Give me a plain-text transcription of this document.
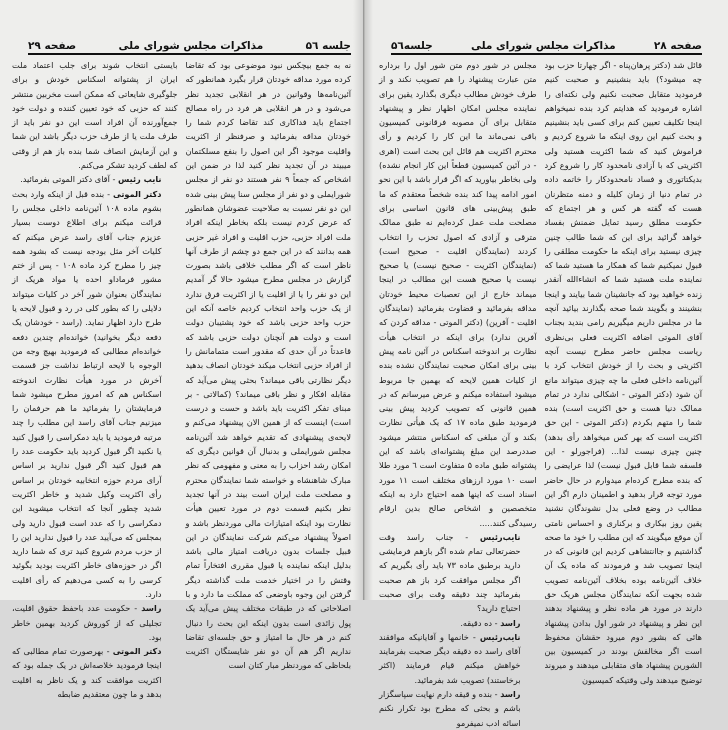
جلسه ۵٦
مذاکرات مجلس شورای ملی
صفحه ۲۹

نه به جمع بیچکس نبود موضوعی بود که تقاضا کرده مورد مداقه خودتان قرار بگیرد همانطور که آئین‌نامه‌ها وقوانین در هر انقلابی تجدید نظر می‌شود و در هر انقلابی هر فرد در راه مصالح اجتماع باید فداکاری کند تقاضا کردم شما را خودتان مداقه بفرمائید و صرفنظر از اکثریت واقلیت موجود اگر این اصول را بنفع مسلکتمان میبیند در آن تجدید نظر کنید لذا در ضمن این اشخاص که جمعاً ۹ نفر هستند دو نفر از مجلس شورایملی و دو نفر از مجلس سنا پیش بینی شده این دو نفر نسبت به صلاحیت عضوشان همانطور که عرض کردم نیست بلکه بخاطر اینکه افراد ملت افراد حزبی، حزب اقلیت و افراد غیر حزبی همه بدانند که در این جمع دو چشم از طرف آنها ناظر است که اگر مطلب خلافی باشد بصورت گزارش در مجلس مطرح میشود حالا گر آمدیم این دو نفر را یا از اقلیت یا از اکثریت فرق ندارد از یک حزب واحد انتخاب کردیم خاصه آنکه این حزب واحد حزبی باشد که خود پشتیبان دولت است و دولت هم آنچنان دولت حزبی باشد که قاعدتاً در آن حدی که مقدور است متمامانش را از افراد حزبی انتخاب میکند خودتان انصاف بدهید دیگر نظارتی باقی میماند؟ بحثی پیش می‌آید که مقابله افکار و نظر باقی میماند؟ (کمالاتی - بر مبنای تفکر اکثریت باید باشد و حست و درست است) اینست که از همین الان پیشنهاد می‌کنم و لایحه‌ی پیشنهادی که تقدیم خواهد شد آئین‌نامه مجلس شورایملی و بدنبال آن قوانین دیگری که امکان رشد احزاب را به معنی و مفهومی که نظر مبارک شاهنشاه و خواسته شما نمایندگان محترم و مصلحت ملت ایران است بیند در آنها تجدید نظر بکنیم قسمت دوم در مورد تعیین هیأت نظارت بود اینکه امتیازات مالی موردنظر باشد و اصولاً پیشنهاد می‌کنم شرکت نمایندگان در این قبیل جلسات بدون دریافت امتیاز مالی باشد بدلیل اینکه نماینده یا قبول مقرری افتخاراً تمام وقتش را در اختیار خدمت ملت گذاشته دیگر گرفتن این وجوه باوضعی که مملکت ما دارد و با اصلاحاتی که در طبقات مختلف پیش می‌آید یک پول زائدی است بدون اینکه این بحث را دنبال کنم در هر حال ما امتیاز و حق جلسه‌ای تقاضا نداریم اگر هم آن دو نفر شایستگان اکثریت بلحاظی که موردنظر مبار کتان است

بایستی انتخاب شوند برای جلب اعتماد ملت ایران از پشتوانه اسکناس خودش و برای جلوگیری شایعاتی که ممکن است مخربین منتشر کنند که حزبی که خود تعیین کننده و دولت خود جمع‌آورنده آن افراد است این دو نفر باید از طرف ملت یا از طرف حزب دیگر باشد این شما و این آزمایش انصاف شما بنده باز هم از وقتی که لطف کردید تشکر می‌کنم.

نایب رئیس - آقای دکتر الموتی بفرمائید.

دکتر الموتی - بنده قبل از اینکه وارد بحث بشوم ماده ۱۰۸ آئین‌نامه داخلی مجلس را قرائت میکنم برای اطلاع دوست بسیار عزیزم جناب آقای راسد عرض میکنم که کلیات آخر مثل بودجه نیست که بشود همه چیز را مطرح کرد ماده ۱۰۸ - پس از ختم مشور فرماداو احده یا مواد هریک از نمایندگان بعنوان شور آخر در کلیات میتواند دلایلی را که بطور کلی در رد و قبول لایحه یا طرح دارد اظهار نماید. (راسد - خودشان یک دفعه دیگر بخوانید) خوانده‌ام چندین دفعه خوانده‌ام مطالبی که فرمودید بهیچ وجه من الوجوه با لایحه ارتباط نداشت جز قسمت آخرش در مورد هیأت نظارت اندوخته اسکناس هم که امروز مطرح میشود شما فرمایشتان را بفرمائید ما هم حرفمان را میزنیم جناب آقای راسد این مطلب را چند مرتبه فرمودید یا باید دمکراسی را قبول کنید یا نکنید اگر قبول کردید باید حکومت عدد را هم قبول کنید اگر قبول ندارید بر اساس آرای مردم حوزه انتخابیه خودتان بر اساس رأی اکثریت وکیل شدید و خاطر اکثریت شدید چطور آنجا که انتخاب میشوید این دمکراسی را که عدد است قبول دارید ولی بمجلس که می‌آیید عدد را قبول ندارید این را از حزب مردم شروع کنید تری که شما دارید اگر در حوزه‌های خاطر اکثریت بودید بگوئید کرسی را به کسی می‌دهیم که رأی اقلیت دارد.

راسد - حکومت عدد باحفظ حقوق اقلیت، تجلیلی که از کوروش کردید بهمین خاطر بود.

دکتر الموتی - بهرصورت تمام مطالبی که اینجا فرمودید خلاصه‌اش در یک جمله بود که اکثریت موافقت کند و یک ناظر به اقلیت بدهد و ما چون معتقدیم ضابطه

صفحه ۲۸
مذاکرات مجلس شورای ملی
جلسه۵٦

قائل شد (دکتر پرهان‌پناه - اگر چهارتا حزب بود چه میشود؟) باید بنشینیم و صحبت کنیم فرمودید متقابل صحبت نکنیم ولی نکته‌ای را اشاره فرمودید که هدایتم کرد بنده نمیخواهم اینجا تکلیف تعیین کنم برای کسی باید بنشینیم و بحث کنیم این روی اینکه ما شروع کردیم و فراموش کنید که شما اکثریت هستید ولی اکثریتی که با آزادی نامحدود کار را شروع کرد بدیکتاتوری و فساد نامحدودکار را خاتمه داده در تمام دنیا از زمان کلیله و دمنه متظرنان هست که گفته هر کس و هر اجتماع که حکومت مطلق رسید تمایل ضمنش بفساد خواهد گرائید برای این که شما طالب چنین چیزی نیستید برای اینکه ما حکومت مطلقی را قبول نمیکنیم شما که همکار ما هستید شما که نماینده ملت هستید شما که انشاءالله آنقدر زنده خواهید بود که جانشینان شما بیایند و اینجا بنشینند و بگویند شما صحه بگذارند بیائید آنچه ما در مجلس داریم میگیریم رامی بندید بجناب آقای الموتی اضافه اکثریت فعلی بی‌نظری ریاست مجلس حاضر مطرح نیست آنچه اکثریتی و بحث را از خودش انتخاب کرد با آئین‌نامه داخلی فعلی ما چه چیزی میتواند مانع آن شود (دکتر الموتی - اشکالی ندارد در تمام ممالک دنیا هست و حق اکثریت است) بنده شما را متهم بکردم (دکتر الموتی - این حق اکثریت است که بهر کس میخواهد رأی بدهد) چنین چیزی نیست لذا... (فراجورلو - این فلسفه شما قابل قبول نیست) لذا عرایضی را که بنده مطرح کرده‌ام میدوارم در حال حاضر مورد توجه قرار بدهید و اطمینان دارم اگر این مطالب در وضع فعلی بدل نشوندگان نشنید یقین روز بیکاری و برکناری و احساس نامتی آن موقع میگویند که این مطلب را خود ما صحه گذاشتیم و جا‌انتشاهی کردیم این قانونی که در اینجا تصویب شد و فرمودند که ماده یک آن خلاف آئین‌نامه بوده بخلاف آئین‌نامه تصویب شده بجهت آنکه نمایندگان مجلس هریک حق دارند در مورد هر ماده نظر و پیشنهاد بدهند این نظر و پیشنهاد در شور اول بدادن پیشنهاد هائی که بشور دوم میرود حقشان محفوظ است اگر مخالفش بودند در کمیسیون بین الشورین پیشنهاد های متقابلی میدهند و میروند توضیح میدهند ولی وقتیکه کمیسیون

مجلس در شور دوم متن شور اول را برداره متن عبارت پیشنهاد را هم تصویب نکند و از طرف خودش مطالب دیگری بگذارد یقین برای نماینده مجلس امکان اظهار نظر و پیشنهاد متقابل برای آن مصوبه فرقانونی کمیسیون باقی نمی‌ماند ما این کار را کردیم و رأی محترم اکثریت هم قائل این بحث است (اهری - در آئین کمیسیون قطعاً این کار انجام نشده) ولی بخاطر بیاورید که اگر قرار باشد با این نحو امور ادامه پیدا کند بنده شخصاً معتقدم که ما طبق پیش‌بینی های قانون اساسی برای مصلحت ملت عمل کرده‌ایم نه طبق ممالک مترقی و آزادی که اصول تحزب را انتخاب کردند (نمایندگان اقلیت - صحیح است) (نمایندگان اکثریت - صحیح نیست) یا صحیح نیست یا صحیح هست این مطالب در اینجا میماند خارج از این تعصبات محیط خودتان مداقه بفرمائید و قضاوت بفرمائید (نمایندگان اقلیت - آفرین) (دکتر الموتی - مداقه کردن که آفرین ندارد) برای اینکه در انتخاب هیأت نظارت بر اندوخته اسکناس در آئین نامه پیش بینی برای امکان صحبت نمایندگان نشده بنده از کلیات همین لایحه که بهمین جا مربوط میشود استفاده میکنم و عرض میرسانم که در همین قانونی که تصویب کردید پیش بینی فرمودید طبق ماده ۱۷ که یک هیأتی نظارت بکند و آن مبلغی که اسکناس منتشر میشود صددرصد این مبلغ پشتوانه‌ای باشد که این پشتوانه طبق ماده ۵ متفاوت است ٦ مورد طلا است ۱۰ مورد ارزهای مختلف است ۱۱ مورد اسناد است که اینها همه احتیاج دارد به اینکه متخصصین و اشخاص صالح بدین ارقام رسیدگی کنند.....

نایب‌رئیس - جناب راسد وقت حضرتعالی تمام شده اگر بازهم فرمایشی دارید برطبق ماده ۷۳ باید رأی بگیریم که اگر مجلس موافقت کرد باز هم صحبت بفرمائید چند دقیقه وقت برای صحبت احتیاج دارید؟

راسد - ده دقیقه.

نایب‌رئیس - خانمها و آقایانیکه موافقند آقای راسد ده دقیقه دیگر صحبت بفرمایند خواهش میکنم قیام فرمایند (اکثر برخاستند) تصویب شد بفرمائید.

راسد - بنده و قیقه دارم نهایت سپاسگزار باشم و بحثی که مطرح بود تکرار نکنم اسائه ادب نمیفرمو
